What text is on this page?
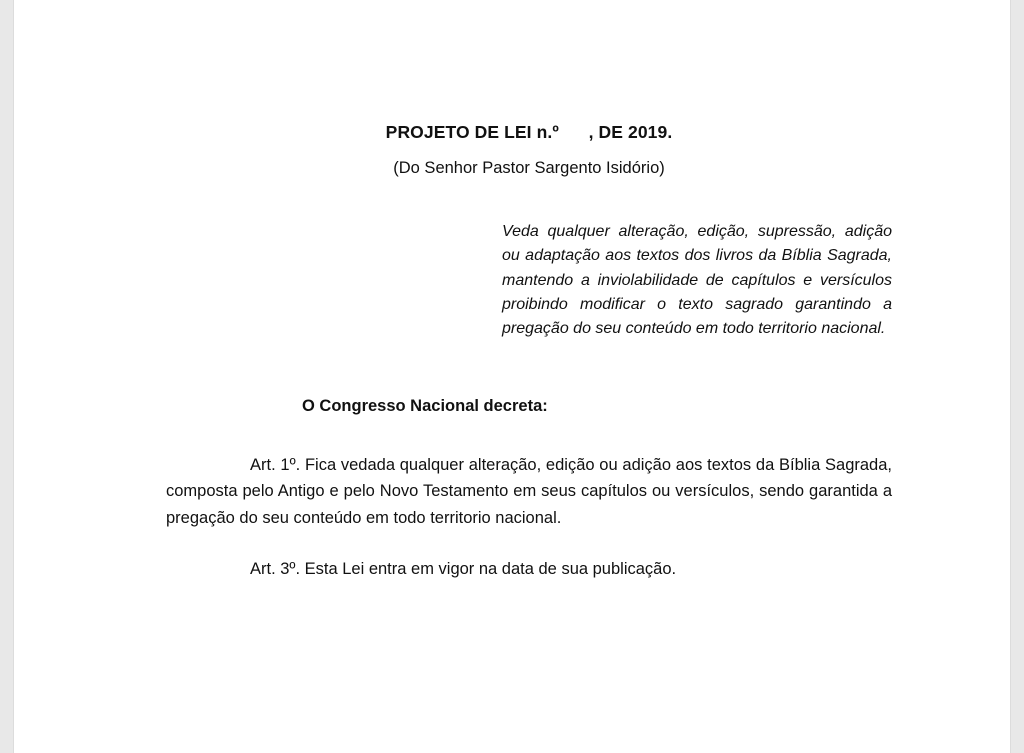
PROJETO DE LEI n.º      , DE 2019.
(Do Senhor Pastor Sargento Isidório)
Veda qualquer alteração, edição, supressão, adição ou adaptação aos textos dos livros da Bíblia Sagrada, mantendo a inviolabilidade de capítulos e versículos proibindo modificar o texto sagrado garantindo a pregação do seu conteúdo em todo territorio nacional.
O Congresso Nacional decreta:
Art. 1º. Fica vedada qualquer alteração, edição ou adição aos textos da Bíblia Sagrada, composta pelo Antigo e pelo Novo Testamento em seus capítulos ou versículos, sendo garantida a pregação do seu conteúdo em todo territorio nacional.
Art. 3º. Esta Lei entra em vigor na data de sua publicação.
